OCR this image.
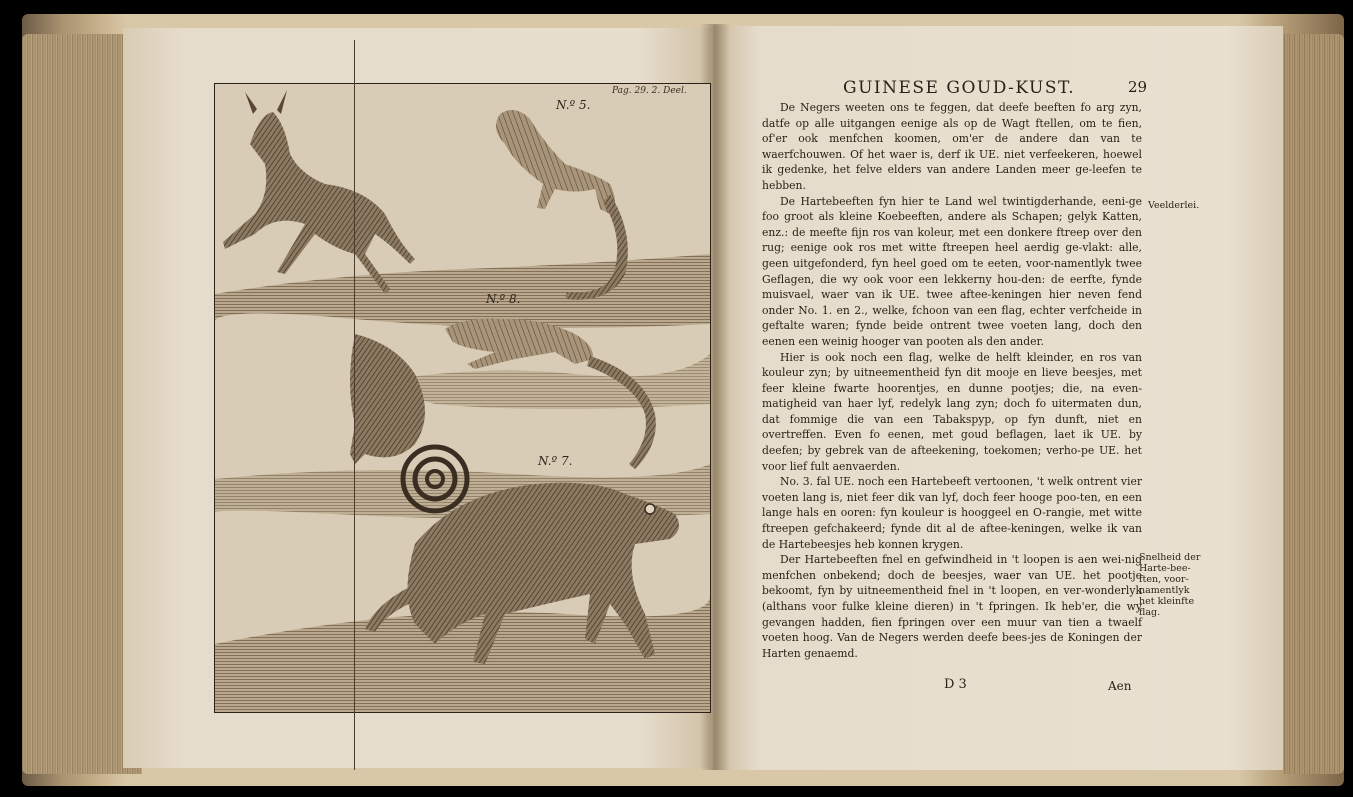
Pag. 29. 2. Deel.
N.º 5.
N.º 8.
N.º 7.
GUINESE GOUD-KUST.	29

De Negers weeten ons te feggen, dat deefe beeften fo arg zyn, datfe op alle uitgangen eenige als op de Wagt ftellen, om te fien, of'er ook menfchen koomen, om'er de andere dan van te waerfchouwen. Of het waer is, derf ik UE. niet verfeekeren, hoewel ik gedenke, het felve elders van andere Landen meer ge-leefen te hebben.

De Hartebeeften fyn hier te Land wel twintigderhande, eeni-ge foo groot als kleine Koebeeften, andere als Schapen; gelyk Katten, enz.: de meefte fijn ros van koleur, met een donkere ftreep over den rug; eenige ook ros met witte ftreepen heel aerdig ge-vlakt: alle, geen uitgefonderd, fyn heel goed om te eeten, voor-namentlyk twee Geflagen, die wy ook voor een lekkerny hou-den: de eerfte, fynde muisvael, waer van ik UE. twee aftee-keningen hier neven fend onder No. 1. en 2., welke, fchoon van een flag, echter verfcheide in geftalte waren; fynde beide ontrent twee voeten lang, doch den eenen een weinig hooger van pooten als den ander.

Hier is ook noch een flag, welke de helft kleinder, en ros van kouleur zyn; by uitneementheid fyn dit mooje en lieve beesjes, met feer kleine fwarte hoorentjes, en dunne pootjes; die, na even-matigheid van haer lyf, redelyk lang zyn; doch fo uitermaten dun, dat fommige die van een Tabakspyp, op fyn dunft, niet en overtreffen. Even fo eenen, met goud beflagen, laet ik UE. by deefen; by gebrek van de afteekening, toekomen; verho-pe UE. het voor lief fult aenvaerden.

No. 3. fal UE. noch een Hartebeeft vertoonen, 't welk ontrent vier voeten lang is, niet feer dik van lyf, doch feer hooge poo-ten, en een lange hals en ooren: fyn kouleur is hooggeel en O-rangie, met witte ftreepen gefchakeerd; fynde dit al de aftee-keningen, welke ik van de Hartebeesjes heb konnen krygen.

Der Hartebeeften fnel en gefwindheid in 't loopen is aen wei-nig menfchen onbekend; doch de beesjes, waer van UE. het pootje bekoomt, fyn by uitneementheid fnel in 't loopen, en ver-wonderlyk (althans voor fulke kleine dieren) in 't fpringen. Ik heb'er, die wy gevangen hadden, fien fpringen over een muur van tien a twaelf voeten hoog. Van de Negers werden deefe bees-jes de Koningen der Harten genaemd.

Veelderlei.
Snelheid der Harte-bee-ften, voor-namentlyk het kleinfte flag.
D 3	Aen
